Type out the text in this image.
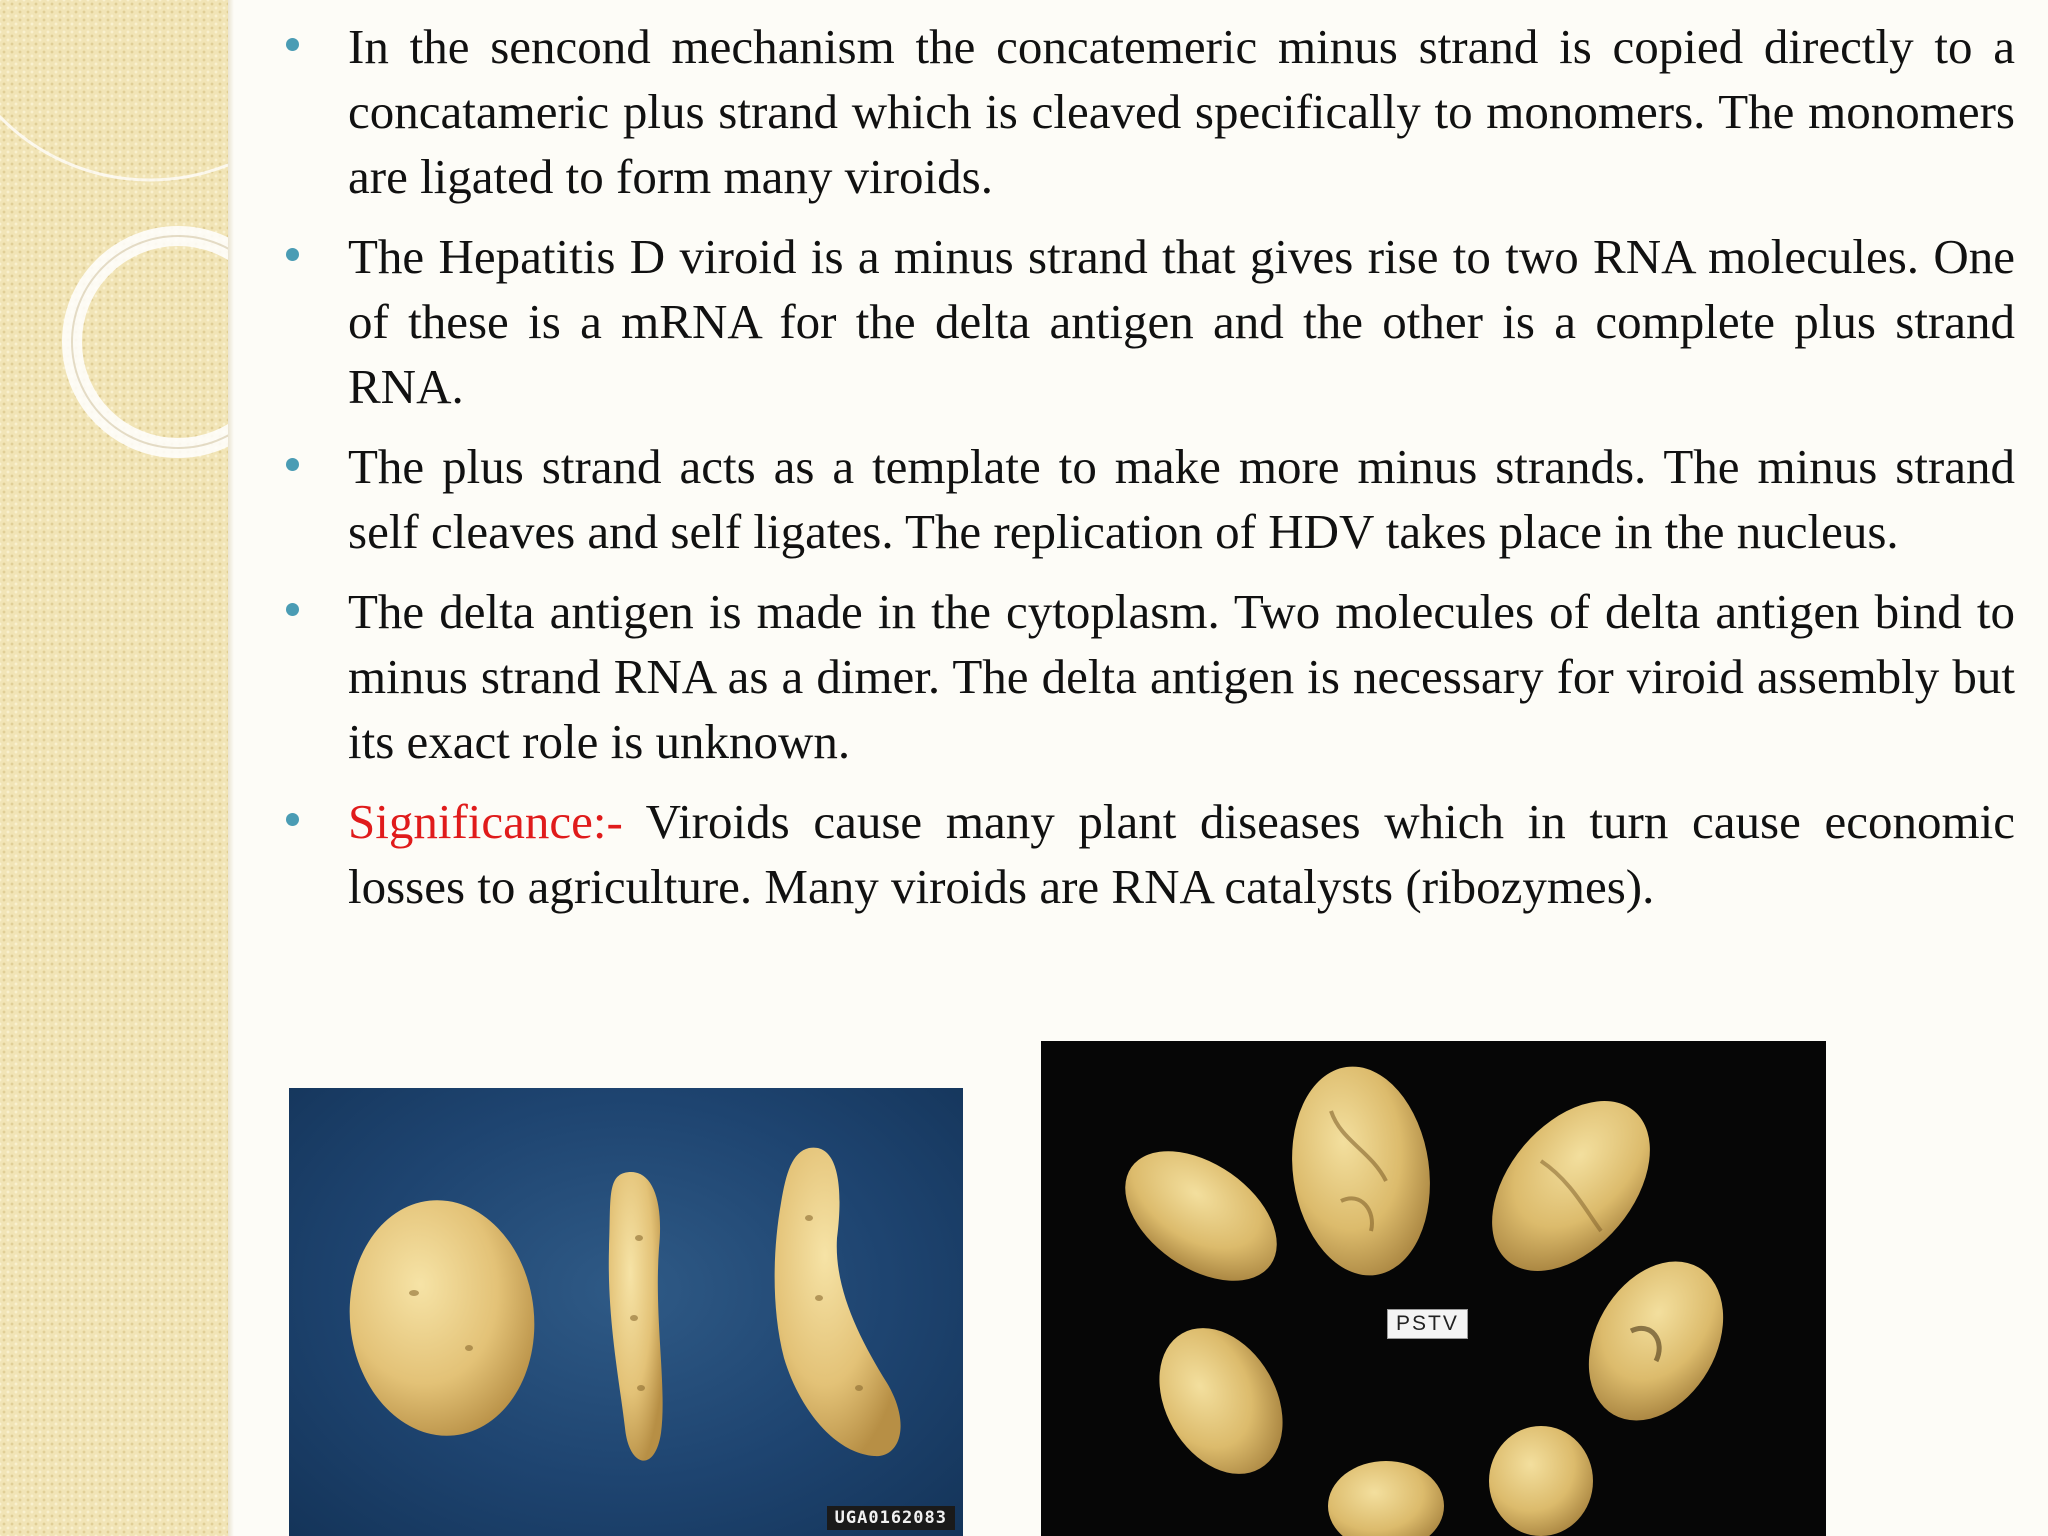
In the sencond mechanism the concatemeric minus strand is copied directly to a concatameric plus strand which is cleaved specifically to monomers. The monomers are ligated to form many viroids.
The Hepatitis D viroid is a minus strand that gives rise to two RNA molecules. One of these is a mRNA for the delta antigen and the other is a complete plus strand RNA.
The plus strand acts as a template to make more minus strands. The minus strand self cleaves and self ligates. The replication of HDV takes place in the nucleus.
The delta antigen is made in the cytoplasm. Two molecules of delta antigen bind to minus strand RNA as a dimer. The delta antigen is necessary for viroid assembly but its exact role is unknown.
Significance:- Viroids cause many plant diseases which in turn cause economic losses to agriculture. Many viroids are RNA catalysts (ribozymes).
UGA0162083
PSTV
